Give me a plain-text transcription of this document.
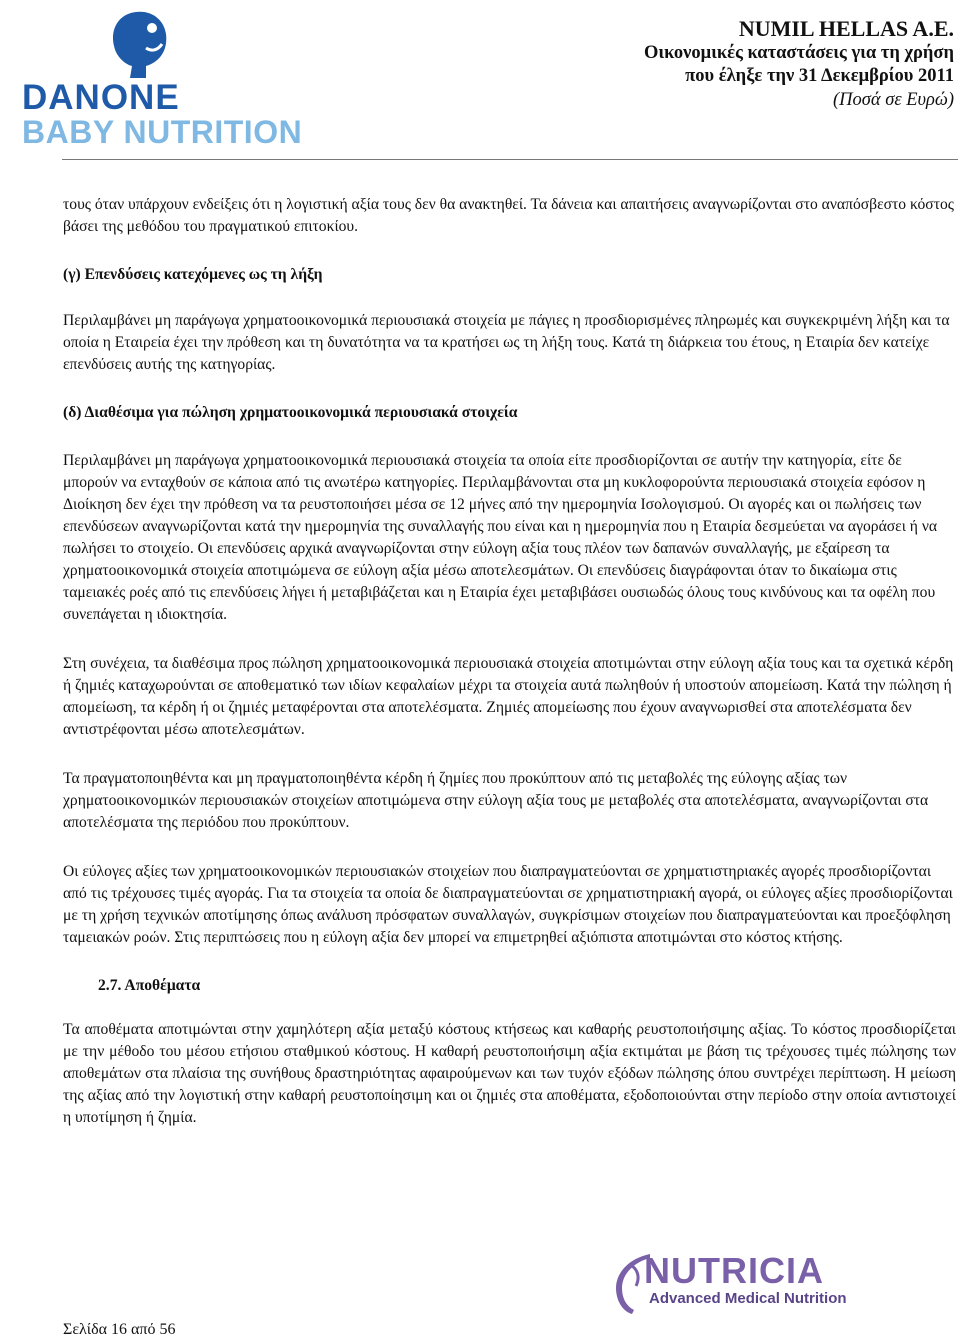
DANONE
BABY NUTRITION
NUMIL HELLAS A.E.
Οικονομικές καταστάσεις για τη χρήση
που έληξε την 31 Δεκεμβρίου 2011
(Ποσά σε Ευρώ)

τους όταν υπάρχουν ενδείξεις ότι η λογιστική αξία τους δεν θα ανακτηθεί. Τα δάνεια και απαιτήσεις αναγνωρίζονται στο αναπόσβεστο κόστος βάσει της μεθόδου του πραγματικού επιτοκίου.

(γ) Επενδύσεις κατεχόμενες ως τη λήξη

Περιλαμβάνει μη παράγωγα χρηματοοικονομικά περιουσιακά στοιχεία με πάγιες η προσδιορισμένες πληρωμές και συγκεκριμένη λήξη και τα οποία η Εταιρεία έχει την πρόθεση και τη δυνατότητα να τα κρατήσει ως τη λήξη τους. Κατά τη διάρκεια του έτους, η Εταιρία δεν κατείχε επενδύσεις αυτής της κατηγορίας.

(δ) Διαθέσιμα για πώληση χρηματοοικονομικά περιουσιακά στοιχεία

Περιλαμβάνει μη παράγωγα χρηματοοικονομικά περιουσιακά στοιχεία τα οποία είτε προσδιορίζονται σε αυτήν την κατηγορία, είτε δε μπορούν να ενταχθούν σε κάποια από τις ανωτέρω κατηγορίες. Περιλαμβάνονται στα μη κυκλοφορούντα περιουσιακά στοιχεία εφόσον η Διοίκηση δεν έχει την πρόθεση να τα ρευστοποιήσει μέσα σε 12 μήνες από την ημερομηνία Ισολογισμού. Οι αγορές και οι πωλήσεις των επενδύσεων αναγνωρίζονται κατά την ημερομηνία της συναλλαγής που είναι και η ημερομηνία που η Εταιρία δεσμεύεται να αγοράσει ή να πωλήσει το στοιχείο. Οι επενδύσεις αρχικά αναγνωρίζονται στην εύλογη αξία τους πλέον των δαπανών συναλλαγής, με εξαίρεση τα χρηματοοικονομικά στοιχεία αποτιμώμενα σε εύλογη αξία μέσω αποτελεσμάτων. Οι επενδύσεις διαγράφονται όταν το δικαίωμα στις ταμειακές ροές από τις επενδύσεις λήγει ή μεταβιβάζεται και η Εταιρία έχει μεταβιβάσει ουσιωδώς όλους τους κινδύνους και τα οφέλη που συνεπάγεται η ιδιοκτησία.

Στη συνέχεια, τα διαθέσιμα προς πώληση χρηματοοικονομικά περιουσιακά στοιχεία αποτιμώνται στην εύλογη αξία τους και τα σχετικά κέρδη ή ζημιές καταχωρούνται σε αποθεματικό των ιδίων κεφαλαίων μέχρι τα στοιχεία αυτά πωληθούν ή υποστούν απομείωση. Κατά την πώληση ή απομείωση, τα κέρδη ή οι ζημιές μεταφέρονται στα αποτελέσματα. Ζημιές απομείωσης που έχουν αναγνωρισθεί στα αποτελέσματα δεν αντιστρέφονται μέσω αποτελεσμάτων.

Τα πραγματοποιηθέντα και μη πραγματοποιηθέντα κέρδη ή ζημίες που προκύπτουν από τις μεταβολές της εύλογης αξίας των χρηματοοικονομικών περιουσιακών στοιχείων αποτιμώμενα στην εύλογη αξία τους με μεταβολές στα αποτελέσματα, αναγνωρίζονται στα αποτελέσματα της περιόδου που προκύπτουν.

Οι εύλογες αξίες των χρηματοοικονομικών περιουσιακών στοιχείων που διαπραγματεύονται σε χρηματιστηριακές αγορές προσδιορίζονται από τις τρέχουσες τιμές αγοράς. Για τα στοιχεία τα οποία δε διαπραγματεύονται σε χρηματιστηριακή αγορά, οι εύλογες αξίες προσδιορίζονται με τη χρήση τεχνικών αποτίμησης όπως ανάλυση πρόσφατων συναλλαγών, συγκρίσιμων στοιχείων που διαπραγματεύονται και προεξόφληση ταμειακών ροών. Στις περιπτώσεις που η εύλογη αξία δεν μπορεί να επιμετρηθεί αξιόπιστα αποτιμώνται στο κόστος κτήσης.

2.7. Αποθέματα

Τα αποθέματα αποτιμώνται στην χαμηλότερη αξία μεταξύ κόστους κτήσεως και καθαρής ρευστοποιήσιμης αξίας. Το κόστος προσδιορίζεται με την μέθοδο του μέσου ετήσιου σταθμικού κόστους. Η καθαρή ρευστοποιήσιμη αξία εκτιμάται με βάση τις τρέχουσες τιμές πώλησης των αποθεμάτων στα πλαίσια της συνήθους δραστηριότητας αφαιρούμενων και των τυχόν εξόδων πώλησης όπου συντρέχει περίπτωση. Η μείωση της αξίας από την λογιστική στην καθαρή ρευστοποίησιμη και οι ζημιές στα αποθέματα, εξοδοποιούνται στην περίοδο στην οποία αντιστοιχεί η υποτίμηση ή ζημία.

NUTRICIA
Advanced Medical Nutrition
Σελίδα 16 από 56
